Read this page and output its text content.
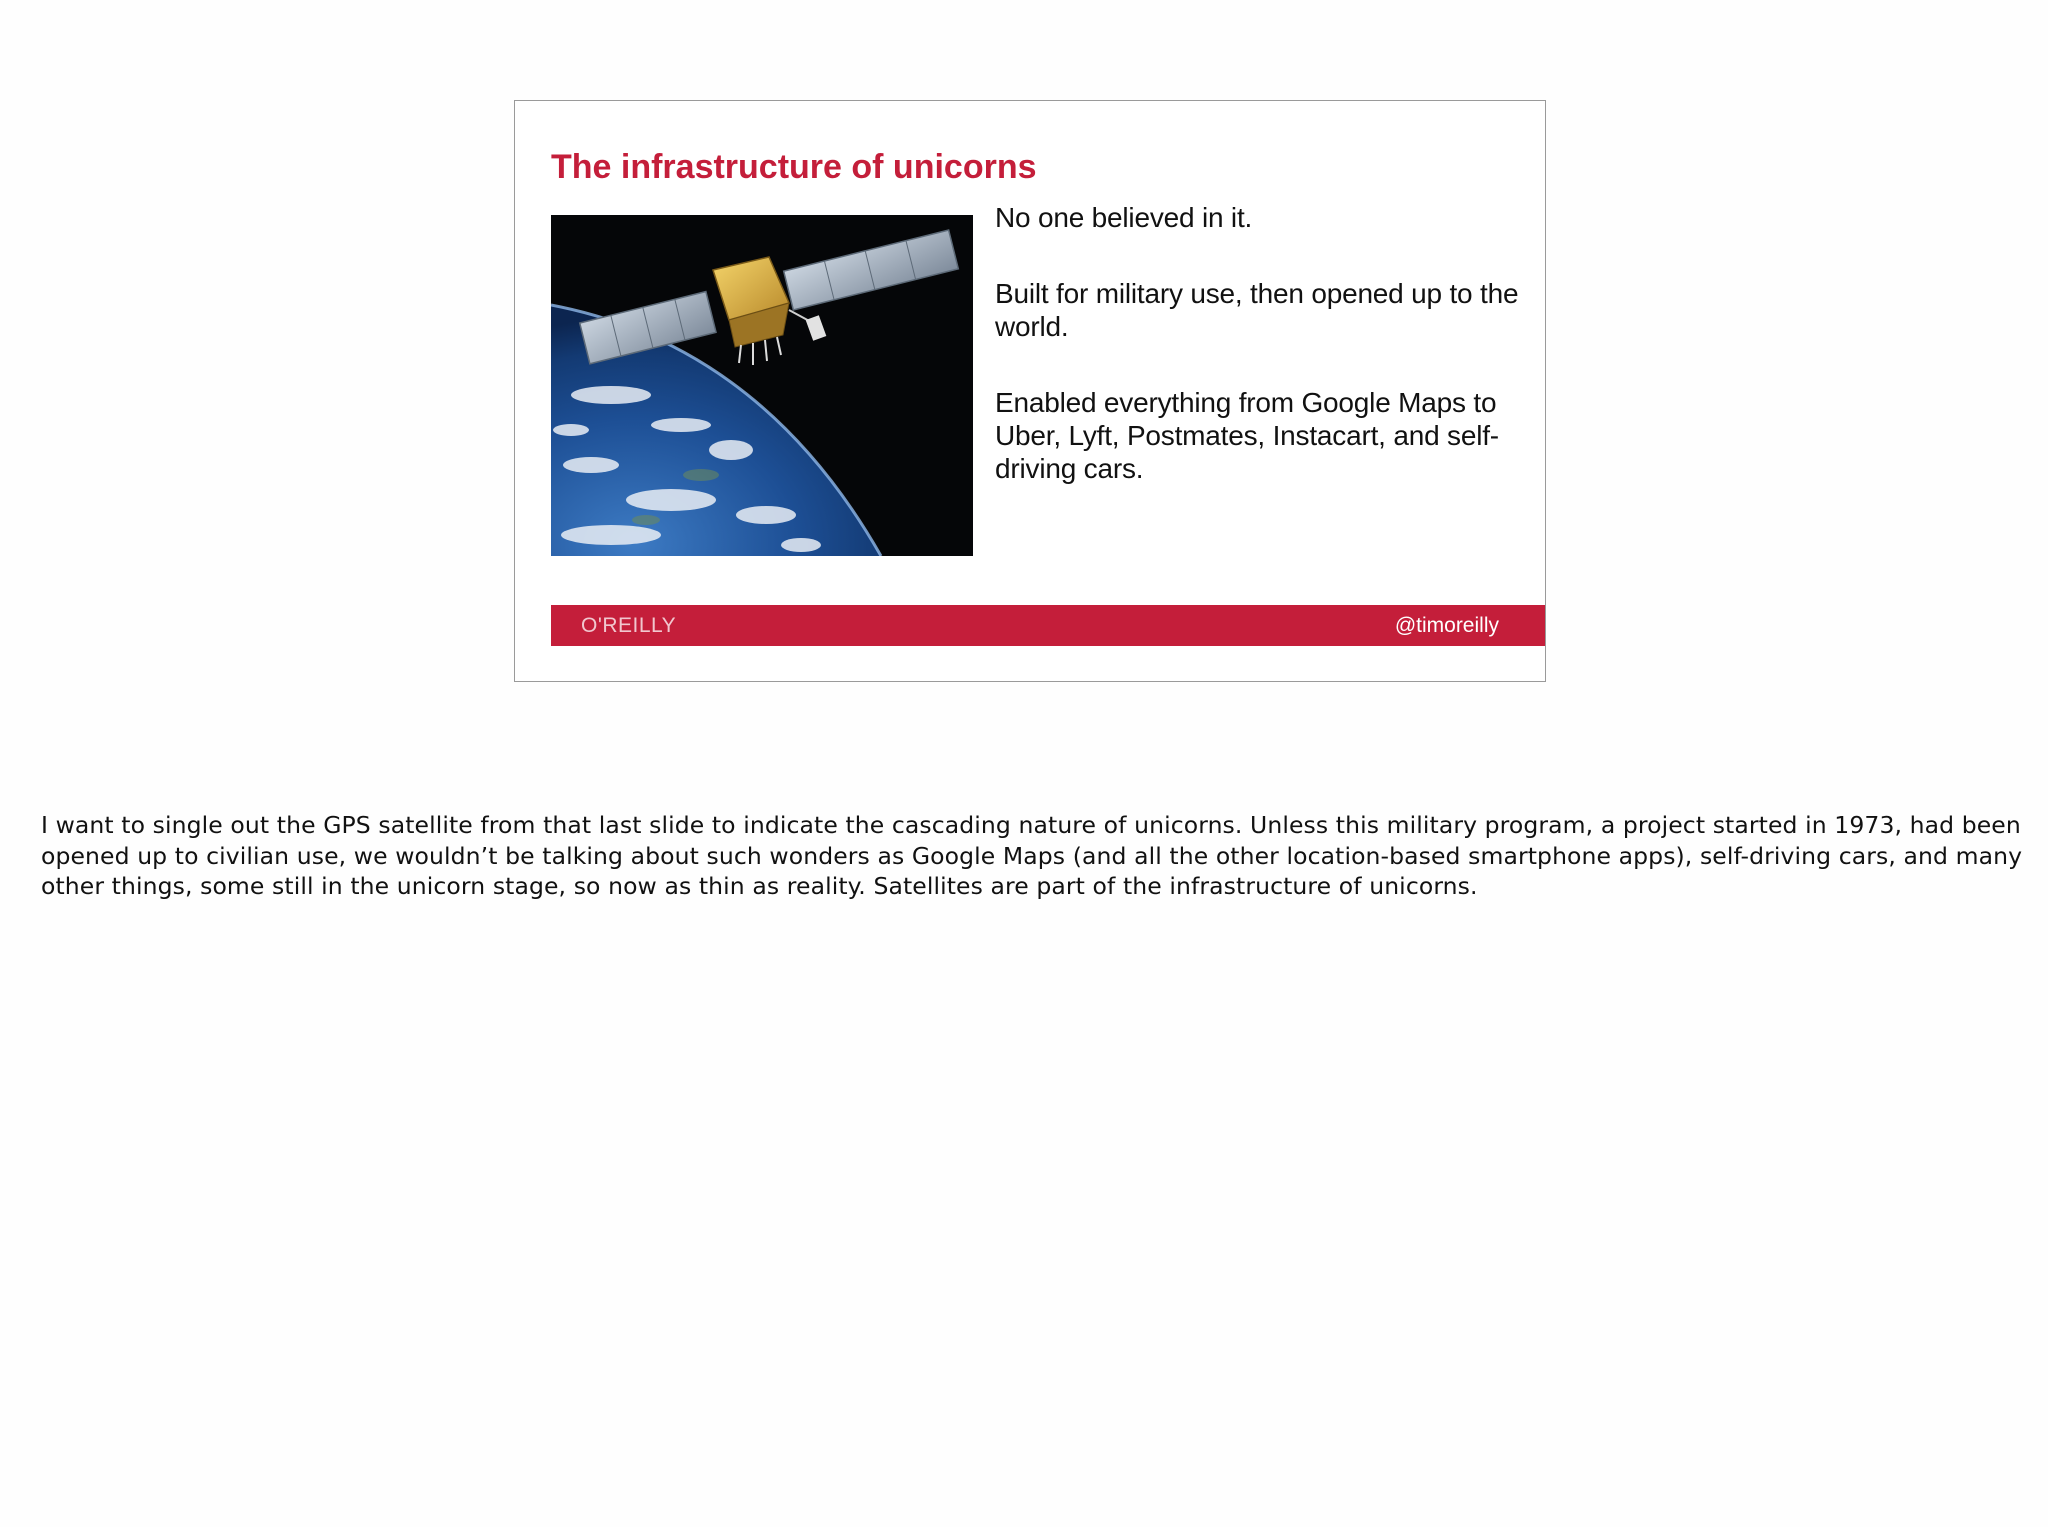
The infrastructure of unicorns
No one believed in it.
Built for military use, then opened up to the world.
Enabled everything from Google Maps to Uber, Lyft, Postmates, Instacart, and self-driving cars.
O'REILLY	@timoreilly

I want to single out the GPS satellite from that last slide to indicate the cascading nature of unicorns. Unless this military program, a project started in 1973, had been opened up to civilian use, we wouldn’t be talking about such wonders as Google Maps (and all the other location-based smartphone apps), self-driving cars, and many other things, some still in the unicorn stage, so now as thin as reality. Satellites are part of the infrastructure of unicorns.
